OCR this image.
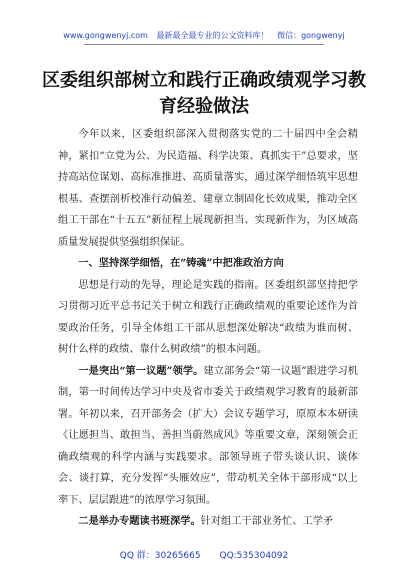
www.gongwenyj.com 最新最全最专业的公文资料库！ 微信：gongwenyj
区委组织部树立和践行正确政绩观学习教育经验做法

今年以来，区委组织部深入贯彻落实党的二十届四中全会精神，紧扣“立党为公、为民造福、科学决策、真抓实干”总要求，坚持高站位谋划、高标准推进、高质量落实，通过深学细悟筑牢思想根基、查摆剖析校准行动偏差、建章立制固化长效成果，推动全区组工干部在“十五五”新征程上展现新担当、实现新作为，为区域高质量发展提供坚强组织保证。

一、坚持深学细悟，在“铸魂”中把准政治方向

思想是行动的先导，理论是实践的指南。区委组织部坚持把学习贯彻习近平总书记关于树立和践行正确政绩观的重要论述作为首要政治任务，引导全体组工干部从思想深处解决“政绩为谁而树、树什么样的政绩、靠什么树政绩”的根本问题。

一是突出“第一议题”领学。建立部务会“第一议题”跟进学习机制，第一时间传达学习中央及省市委关于政绩观学习教育的最新部署。年初以来，召开部务会（扩大）会议专题学习，原原本本研读《让愿担当、敢担当、善担当蔚然成风》等重要文章，深刻领会正确政绩观的科学内涵与实践要求。部领导班子带头谈认识、谈体会、谈打算，充分发挥“头雁效应”，带动机关全体干部形成“以上率下、层层跟进”的浓厚学习氛围。

二是举办专题读书班深学。针对组工干部业务忙、工学矛

QQ 群：30265665 QQ:535304092
